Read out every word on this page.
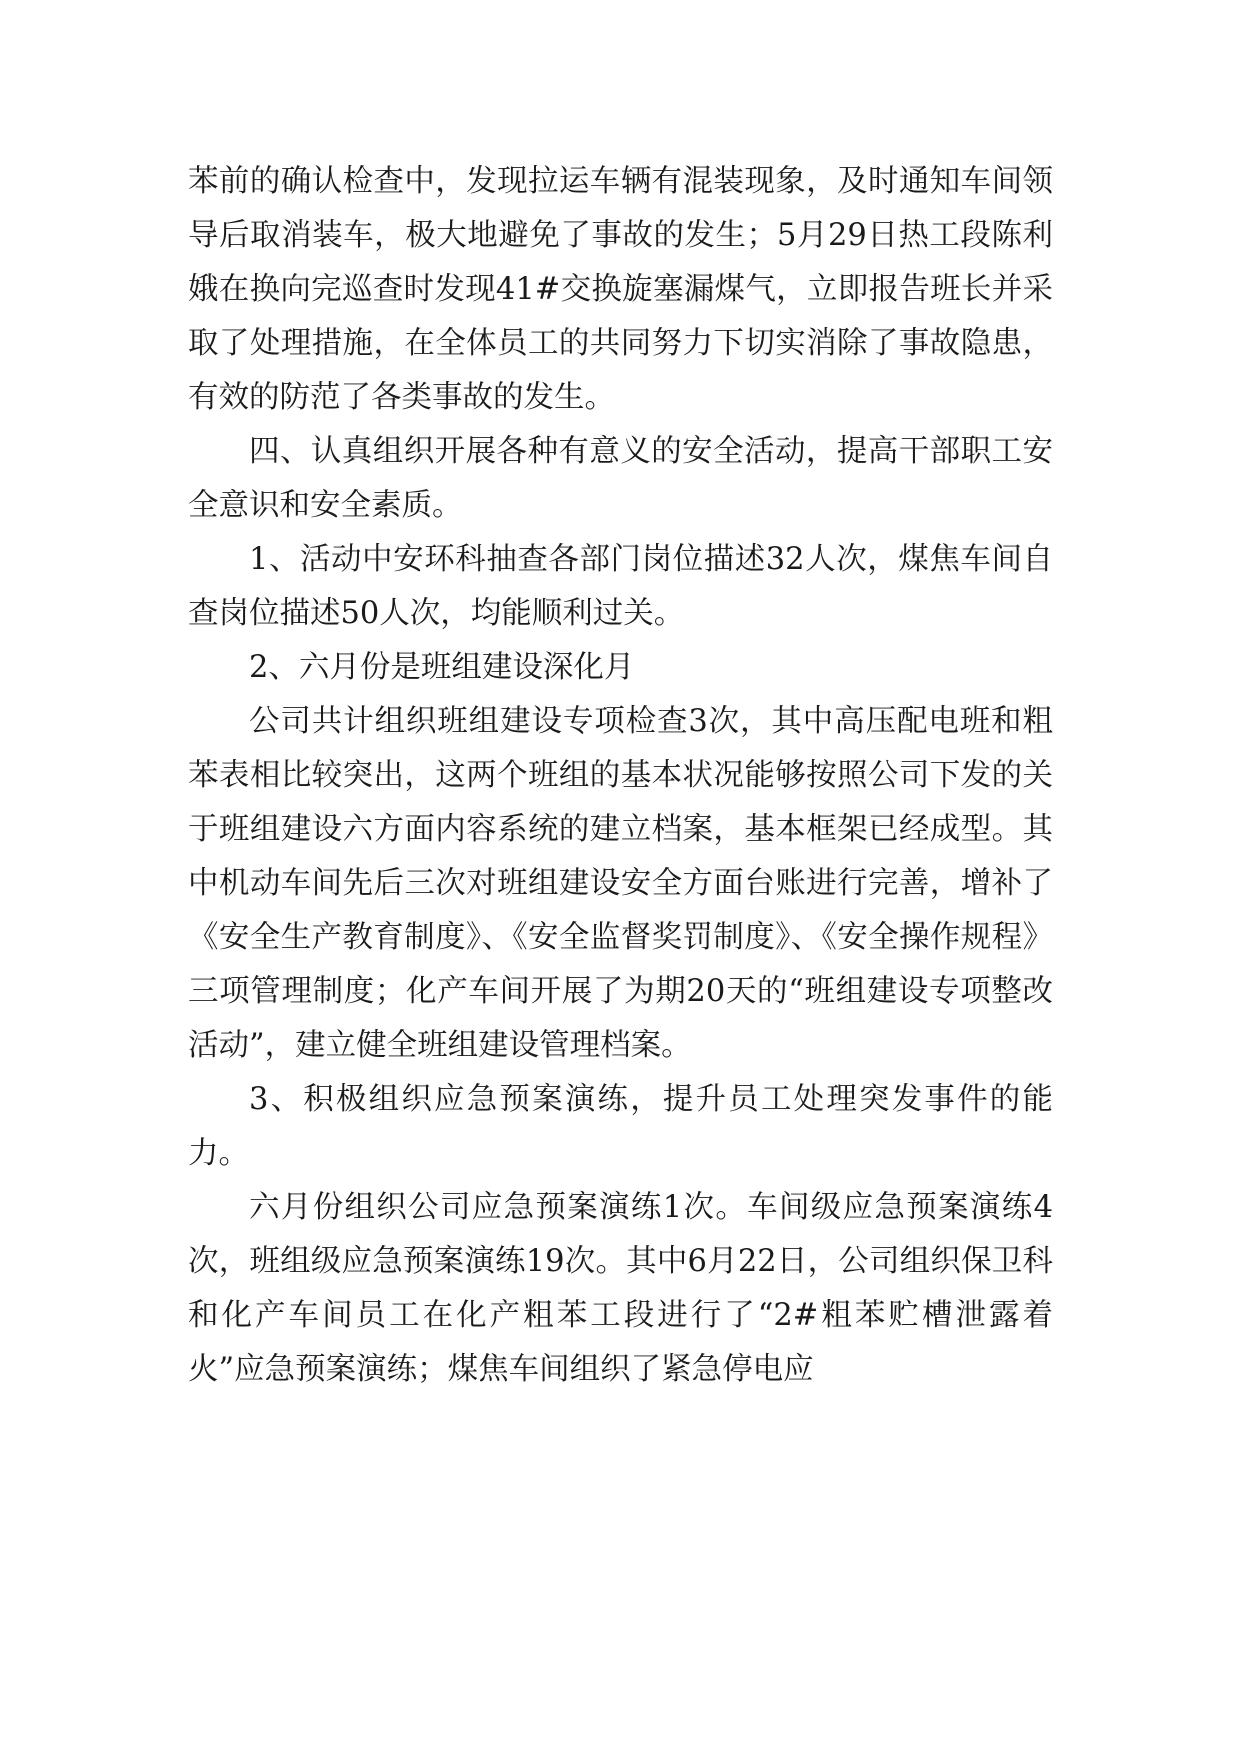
苯前的确认检查中，发现拉运车辆有混装现象，及时通知车间领导后取消装车，极大地避免了事故的发生；5月29日热工段陈利娥在换向完巡查时发现41#交换旋塞漏煤气，立即报告班长并采取了处理措施，在全体员工的共同努力下切实消除了事故隐患，有效的防范了各类事故的发生。

四、认真组织开展各种有意义的安全活动，提高干部职工安全意识和安全素质。

1、活动中安环科抽查各部门岗位描述32人次，煤焦车间自查岗位描述50人次，均能顺利过关。

2、六月份是班组建设深化月

公司共计组织班组建设专项检查3次，其中高压配电班和粗苯表相比较突出，这两个班组的基本状况能够按照公司下发的关于班组建设六方面内容系统的建立档案，基本框架已经成型。其中机动车间先后三次对班组建设安全方面台账进行完善，增补了《安全生产教育制度》、《安全监督奖罚制度》、《安全操作规程》三项管理制度；化产车间开展了为期20天的“班组建设专项整改活动”，建立健全班组建设管理档案。

3、积极组织应急预案演练，提升员工处理突发事件的能力。

六月份组织公司应急预案演练1次。车间级应急预案演练4次，班组级应急预案演练19次。其中6月22日，公司组织保卫科和化产车间员工在化产粗苯工段进行了“2#粗苯贮槽泄露着火”应急预案演练；煤焦车间组织了紧急停电应
